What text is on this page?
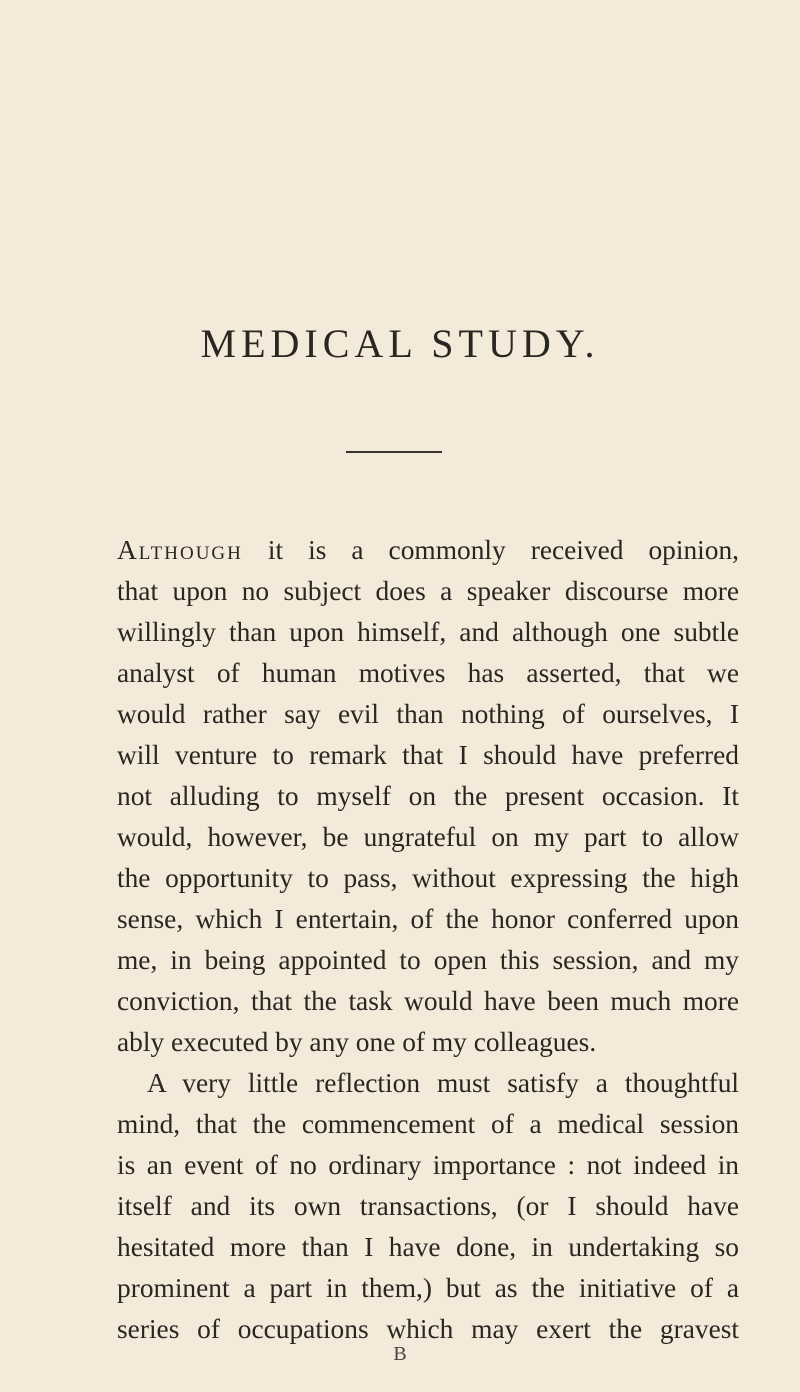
MEDICAL STUDY.
Although it is a commonly received opinion,
that upon no subject does a speaker discourse more
willingly than upon himself, and although one subtle
analyst of human motives has asserted, that we
would rather say evil than nothing of ourselves, I
will venture to remark that I should have preferred
not alluding to myself on the present occasion. It
would, however, be ungrateful on my part to allow
the opportunity to pass, without expressing the high
sense, which I entertain, of the honor conferred upon
me, in being appointed to open this session, and my
conviction, that the task would have been much more
ably executed by any one of my colleagues.
A very little reflection must satisfy a thoughtful
mind, that the commencement of a medical session
is an event of no ordinary importance : not indeed in
itself and its own transactions, (or I should have
hesitated more than I have done, in undertaking so
prominent a part in them,) but as the initiative of a
series of occupations which may exert the gravest
B
